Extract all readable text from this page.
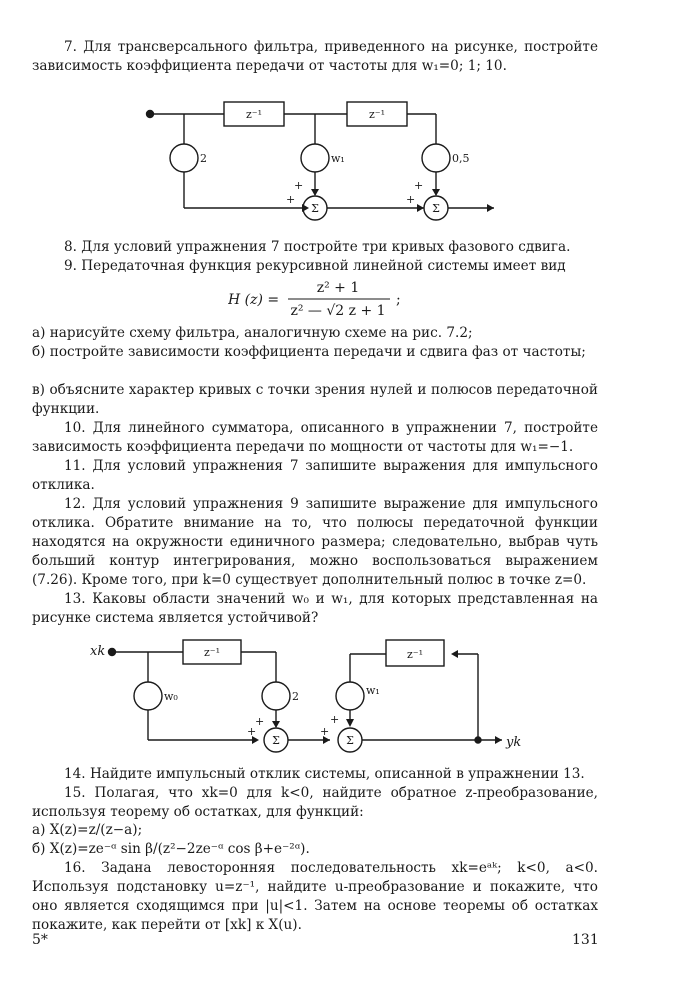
7. Для трансверсального фильтра, приведенного на рисунке, постройте зависимость коэффициента передачи от частоты для w₁=0; 1; 10.
z⁻¹	z⁻¹
2	w₁	0,5
Σ	Σ
+
+
+
+
8. Для условий упражнения 7 постройте три кривых фазового сдвига.
9. Передаточная функция рекурсивной линейной системы имеет вид
H (z) =
z² + 1
z² — √2 z + 1
;
а) нарисуйте схему фильтра, аналогичную схеме на рис. 7.2;
б) постройте зависимости коэффициента передачи и сдвига фаз от частоты;
в) объясните характер кривых с точки зрения нулей и полюсов передаточной функции.
10. Для линейного сумматора, описанного в упражнении 7, постройте зависимость коэффициента передачи по мощности от частоты для w₁=−1.
11. Для условий упражнения 7 запишите выражения для импульсного отклика.
12. Для условий упражнения 9 запишите выражение для импульсного отклика. Обратите внимание на то, что полюсы передаточной функции находятся на окружности единичного размера; следовательно, выбрав чуть больший контур интегрирования, можно воспользоваться выражением (7.26). Кроме того, при k=0 существует дополнительный полюс в точке z=0.
13. Каковы области значений w₀ и w₁, для которых представленная на рисунке система является устойчивой?
xk
yk
z⁻¹	z⁻¹
w₀	2	w₁
Σ	Σ
+
+
+
+
14. Найдите импульсный отклик системы, описанной в упражнении 13.
15. Полагая, что xk=0 для k<0, найдите обратное z-преобразование, используя теорему об остатках, для функций:
а) X(z)=z/(z−a);
б) X(z)=ze⁻ᵅ sin β/(z²−2ze⁻ᵅ cos β+e⁻²ᵅ).
16. Задана левосторонняя последовательность xk=eᵃᵏ; k<0, a<0. Используя подстановку u=z⁻¹, найдите u-преобразование и покажите, что оно является сходящимся при |u|<1. Затем на основе теоремы об остатках покажите, как перейти от [xk] к X(u).
5*	131
